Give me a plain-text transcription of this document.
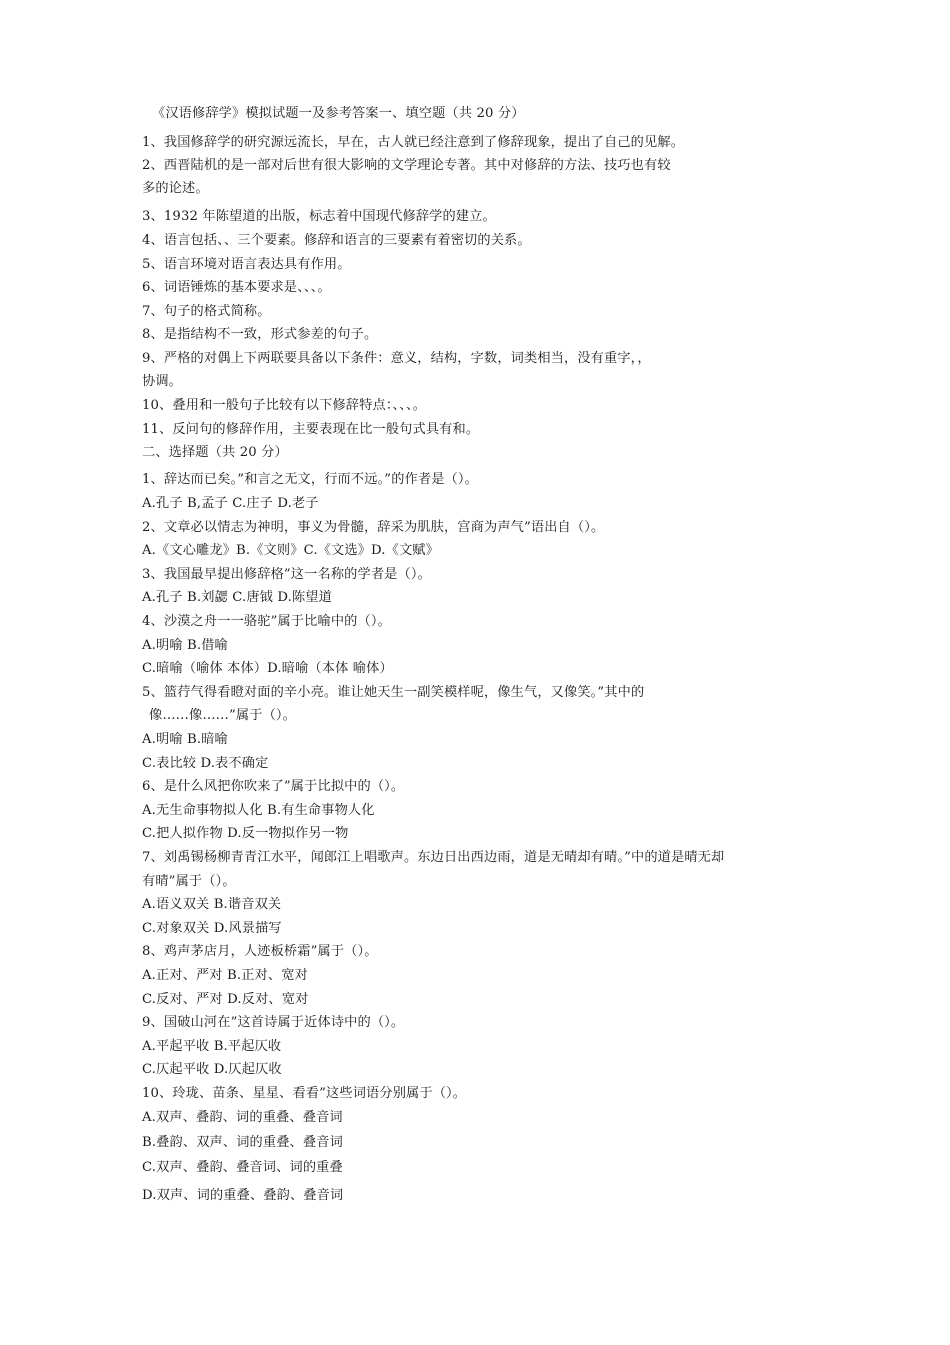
《汉语修辞学》模拟试题一及参考答案一、填空题（共 20 分）
1、我国修辞学的研究源远流长，早在，古人就已经注意到了修辞现象，提出了自己的见解。
2、西晋陆机的是一部对后世有很大影响的文学理论专著。其中对修辞的方法、技巧也有较
多的论述。
3、1932 年陈望道的出版，标志着中国现代修辞学的建立。
4、语言包括、、三个要素。修辞和语言的三要素有着密切的关系。
5、语言环境对语言表达具有作用。
6、词语锤炼的基本要求是、、、。
7、句子的格式简称。
8、是指结构不一致，形式参差的句子。
9、严格的对偶上下两联要具备以下条件：意义，结构，字数，词类相当，没有重字，，
协调。
10、叠用和一般句子比较有以下修辞特点：、、、。
11、反问句的修辞作用，主要表现在比一般句式具有和。
二、选择题（共 20 分）
1、辞达而已矣。”和言之无文，行而不远。”的作者是（）。
A.孔子 B,孟子 C.庄子 D.老子
2、文章必以情志为神明，事义为骨髓，辞采为肌肤，宫商为声气”语出自（）。
A.《文心雕龙》B.《文则》C.《文选》D.《文赋》
3、我国最早提出修辞格”这一名称的学者是（）。
A.孔子 B.刘勰 C.唐钺 D.陈望道
4、沙漠之舟一一骆驼”属于比喻中的（）。
A.明喻 B.借喻
C.暗喻（喻体 本体）D.暗喻（本体 喻体）
5、篮荇气得看瞪对面的辛小亮。谁让她天生一副笑模样呢，像生气，又像笑。”其中的
像……像……”属于（）。
A.明喻 B.暗喻
C.表比较 D.表不确定
6、是什么风把你吹来了”属于比拟中的（）。
A.无生命事物拟人化 B.有生命事物人化
C.把人拟作物 D.反一物拟作另一物
7、刘禹锡杨柳青青江水平，闻郎江上唱歌声。东边日出西边雨，道是无晴却有晴。”中的道是晴无却
有晴”属于（）。
A.语义双关 B.谐音双关
C.对象双关 D.风景描写
8、鸡声茅店月，人迹板桥霜”属于（）。
A.正对、严对 B.正对、宽对
C.反对、严对 D.反对、宽对
9、国破山河在”这首诗属于近体诗中的（）。
A.平起平收 B.平起仄收
C.仄起平收 D.仄起仄收
10、玲珑、苗条、星星、看看”这些词语分别属于（）。
A.双声、叠韵、词的重叠、叠音词
B.叠韵、双声、词的重叠、叠音词
C.双声、叠韵、叠音词、词的重叠
D.双声、词的重叠、叠韵、叠音词
